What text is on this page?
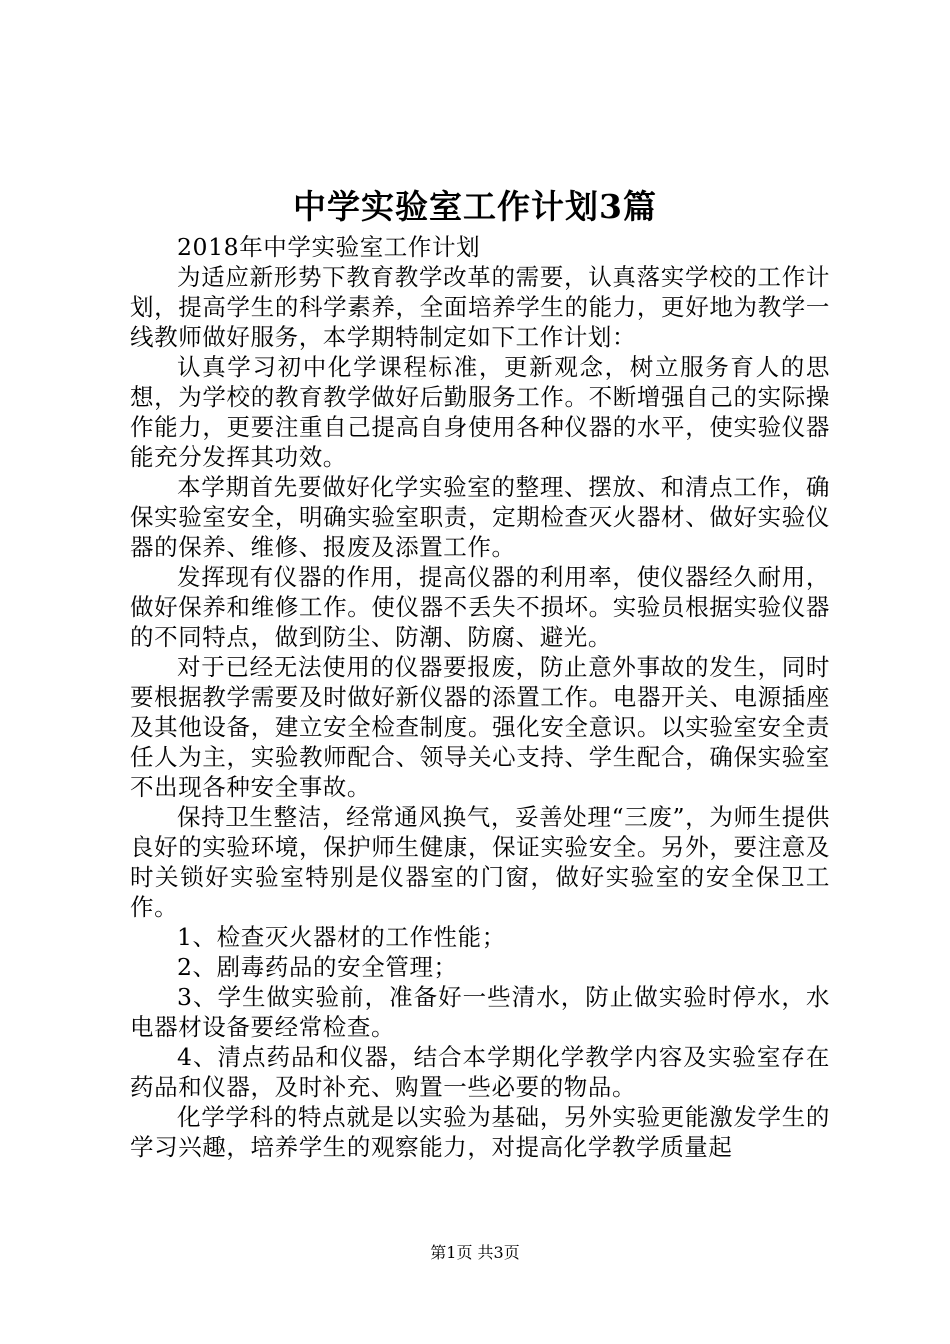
中学实验室工作计划3篇

2018年中学实验室工作计划

为适应新形势下教育教学改革的需要，认真落实学校的工作计划，提高学生的科学素养，全面培养学生的能力，更好地为教学一线教师做好服务，本学期特制定如下工作计划：

认真学习初中化学课程标准，更新观念，树立服务育人的思想，为学校的教育教学做好后勤服务工作。不断增强自己的实际操作能力，更要注重自己提高自身使用各种仪器的水平，使实验仪器能充分发挥其功效。

本学期首先要做好化学实验室的整理、摆放、和清点工作，确保实验室安全，明确实验室职责，定期检查灭火器材、做好实验仪器的保养、维修、报废及添置工作。

发挥现有仪器的作用，提高仪器的利用率，使仪器经久耐用，做好保养和维修工作。使仪器不丢失不损坏。实验员根据实验仪器的不同特点，做到防尘、防潮、防腐、避光。

对于已经无法使用的仪器要报废，防止意外事故的发生，同时要根据教学需要及时做好新仪器的添置工作。电器开关、电源插座及其他设备，建立安全检查制度。强化安全意识。以实验室安全责任人为主，实验教师配合、领导关心支持、学生配合，确保实验室不出现各种安全事故。

保持卫生整洁，经常通风换气，妥善处理“三废”，为师生提供良好的实验环境，保护师生健康，保证实验安全。另外，要注意及时关锁好实验室特别是仪器室的门窗，做好实验室的安全保卫工作。

1、检查灭火器材的工作性能；

2、剧毒药品的安全管理；

3、学生做实验前，准备好一些清水，防止做实验时停水，水电器材设备要经常检查。

4、清点药品和仪器，结合本学期化学教学内容及实验室存在药品和仪器，及时补充、购置一些必要的物品。

化学学科的特点就是以实验为基础，另外实验更能激发学生的学习兴趣，培养学生的观察能力，对提高化学教学质量起

第1页 共3页
